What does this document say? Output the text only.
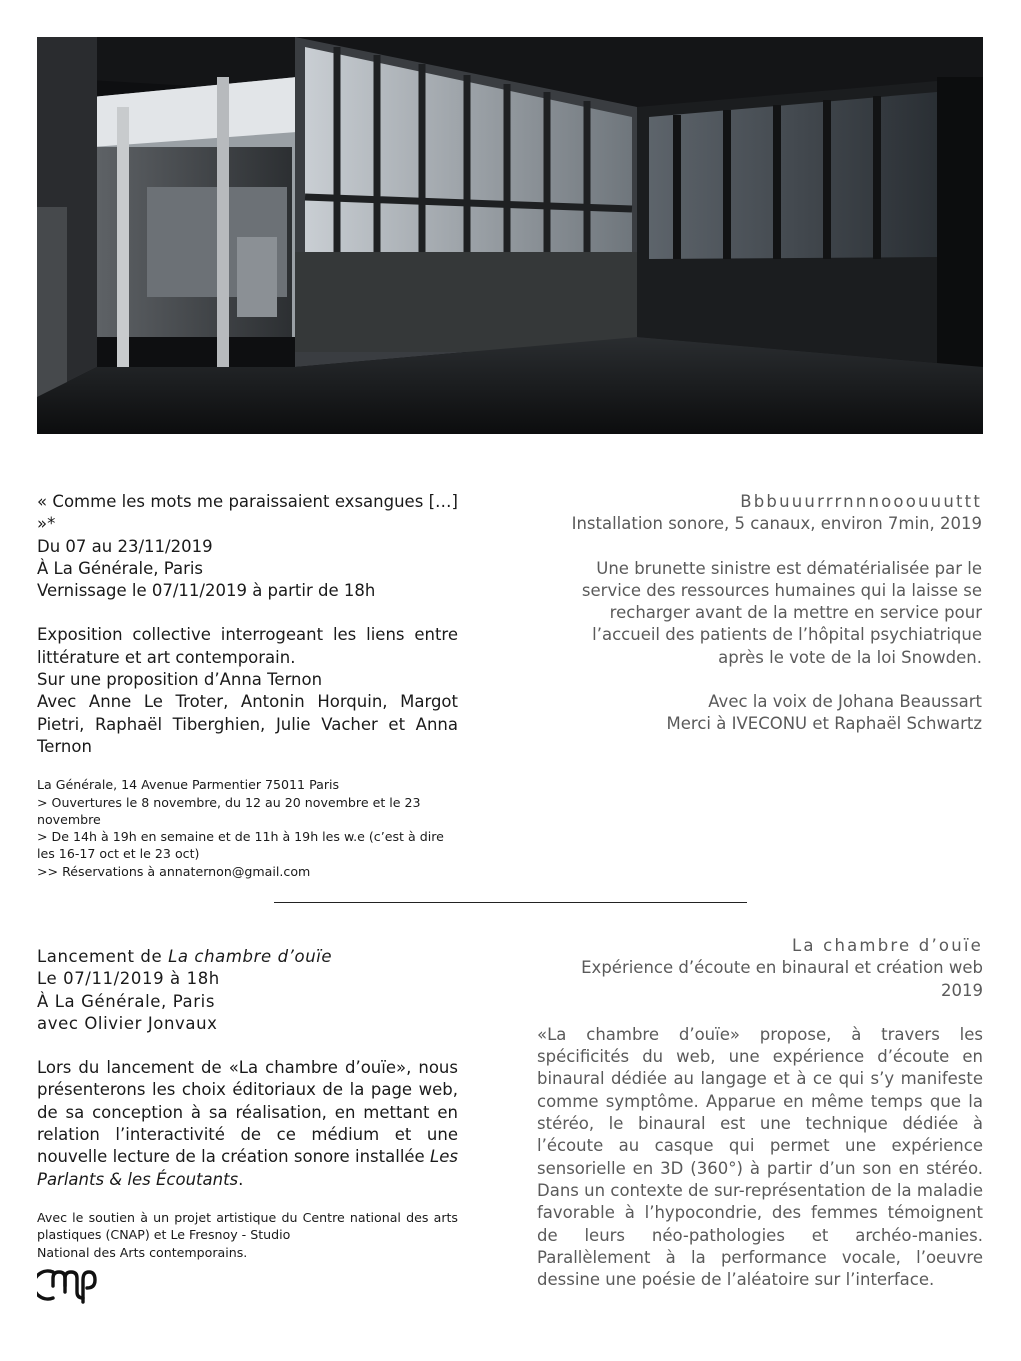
« Comme les mots me paraissaient exsangues […] »*
Du 07 au 23/11/2019
À La Générale, Paris
Vernissage le 07/11/2019 à partir de 18h
Exposition collective interrogeant les liens entre littérature et art contemporain.
Sur une proposition d’Anna Ternon
Avec Anne Le Troter, Antonin Horquin, Margot Pietri, Raphaël Tiberghien, Julie Vacher et Anna Ternon
La Générale, 14 Avenue Parmentier 75011 Paris
> Ouvertures le 8 novembre, du 12 au 20 novembre et le 23 novembre
> De 14h à 19h en semaine et de 11h à 19h les w.e (c’est à dire les 16-17 oct et le 23 oct)
>> Réservations à annaternon@gmail.com
Bbbuuurrrnnnooouuuttt
Installation sonore, 5 canaux, environ 7min, 2019
Une brunette sinistre est dématérialisée par le service des ressources humaines qui la laisse se recharger avant de la mettre en service pour l’accueil des patients de l’hôpital psychiatrique après le vote de la loi Snowden.
Avec la voix de Johana Beaussart
Merci à IVECONU et Raphaël Schwartz
Lancement de La chambre d’ouïe
Le 07/11/2019 à 18h
À La Générale, Paris
avec Olivier Jonvaux
Lors du lancement de «La chambre d’ouïe», nous présenterons les choix éditoriaux de la page web, de sa conception à sa réalisation, en mettant en relation l’interactivité de ce médium et une nouvelle lecture de la création sonore installée Les Parlants & les Écoutants.
Avec le soutien à un projet artistique du Centre national des arts plastiques (CNAP) et Le Fresnoy - Studio
National des Arts contemporains.
La chambre d’ouïe
Expérience d’écoute en binaural et création web
2019
«La chambre d’ouïe» propose, à travers les spécificités du web, une expérience d’écoute en binaural dédiée au langage et à ce qui s’y manifeste comme symptôme. Apparue en même temps que la stéréo, le binaural est une technique dédiée à l’écoute au casque qui permet une expérience sensorielle en 3D (360°) à partir d’un son en stéréo. Dans un contexte de sur-représentation de la maladie favorable à l’hypocondrie, des femmes témoignent de leurs néo-pathologies et archéo-manies. Parallèlement à la performance vocale, l’oeuvre dessine une poésie de l’aléatoire sur l’interface.
